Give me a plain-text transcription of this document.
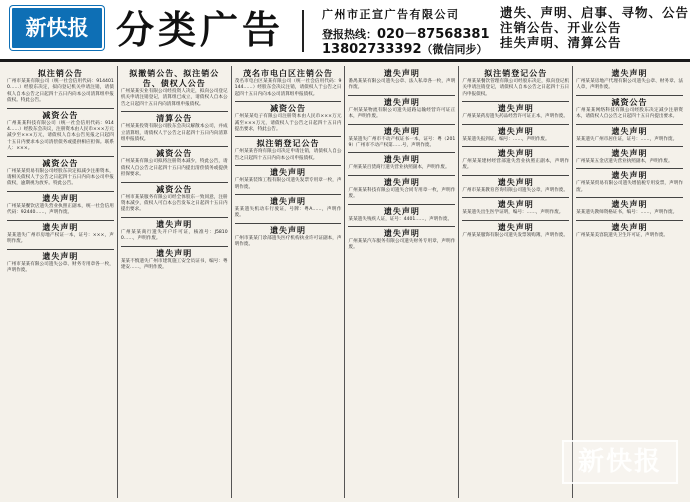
新快报 分类广告	广州市正宣广告有限公司
登报热线：020－87568381
13802733392（微信同步）
遗失、声明、启事、寻物、公告
注销公告、开业公告
挂失声明、清算公告
拟注销公告
广州市某某有限公司（统一社会信用代码：9144010……）经股东决定，拟向登记机关申请注销，请债权人自本公告之日起四十五日内向本公司清算组申报债权。特此公告。
减资公告
广州某某科技有限公司（统一社会信用代码：9144……）经股东会决议，注册资本由人民币×××万元减少至×××万元，请债权人自本公告见报之日起四十五日内要求本公司清偿债务或提供相应担保。联系人：×××。
减资公告
广州某某贸易有限公司经股东决定拟减少注册资本，请相关债权人于公告之日起四十五日内向本公司申报债权，逾期视为放弃。特此公告。
遗失声明
广州某某餐饮店遗失营业执照正副本，统一社会信用代码：92440……，声明作废。
遗失声明
某某遗失广州市房地产权证一本，证号：×××，声明作废。
遗失声明
广州市某某有限公司遗失公章、财务专用章各一枚，声明作废。
拟撤销公告、拟注销公告、债权人公告
广州某某实业有限公司经投资人决定，拟向公司登记机关申请注销登记，清算组已成立，请债权人自本公告之日起四十五日内向清算组申报债权。
清算公告
广州某某投资有限公司股东会决议解散本公司，并成立清算组，请债权人于公告之日起四十五日内向清算组申报债权。
减资公告
广州某某有限公司拟将注册资本减少，特此公告，请债权人自公告之日起四十五日内提出清偿债务或提供担保要求。
减资公告
广州市某某服务有限公司经全体股东一致同意，注册资本减少，债权人可自本公告发布之日起四十五日内提出要求。
遗失声明
广州某某商行遗失开户许可证，核准号：J58100……，声明作废。
遗失声明
某某不慎遗失广州市建筑施工安全员证书，编号：粤建安……，声明作废。
茂名市电白区注销公告
茂名市电白区某某有限公司（统一社会信用代码：9144……）经股东会决议注销，请债权人于公告之日起四十五日内向本公司清算组申报债权。
减资公告
广州某某电子有限公司注册资本由人民币×××万元减至×××万元，请债权人于公告之日起四十五日内提出要求，特此公告。
拟注销登记公告
广州某某咨询有限公司决定申请注销，请债权人自公告之日起四十五日内向本公司申报债权。
遗失声明
广州某某装饰工程有限公司遗失发票专用章一枚，声明作废。
遗失声明
某某遗失机动车行驶证，号牌：粤A……，声明作废。
遗失声明
广州市某某门诊部遗失医疗机构执业许可证副本，声明作废。
遗失声明
番禺某某有限公司遗失公章、法人私章各一枚，声明作废。
遗失声明
广州某某物流有限公司遗失道路运输经营许可证正本，声明作废。
遗失声明
某某遗失广州市不动产权证书一本，证号：粤（2019）广州市不动产权第……号，声明作废。
遗失声明
广州某某百货商行遗失营业执照副本，声明作废。
遗失声明
广州某某科技有限公司遗失合同专用章一枚，声明作废。
遗失声明
某某遗失残疾人证，证号：4401……，声明作废。
遗失声明
广州某某汽车服务有限公司遗失财务专用章，声明作废。
拟注销登记公告
广州某某餐饮管理有限公司经股东决定，拟向登记机关申请注销登记，请债权人自本公告之日起四十五日内申报债权。
遗失声明
广州某某药房遗失药品经营许可证正本，声明作废。
遗失声明
某某遗失报到证，编号：……，声明作废。
遗失声明
广州某某建材经营部遗失营业执照正副本，声明作废。
遗失声明
广州市某某教育咨询有限公司遗失公章，声明作废。
遗失声明
某某遗失出生医学证明，编号：……，声明作废。
遗失声明
广州某某服饰有限公司遗失发票领购簿，声明作废。
遗失声明
广州某某房地产代理有限公司遗失公章、财务章、法人章，声明作废。
減资公告
广州某某网络科技有限公司经股东决定减少注册资本，请债权人自公告之日起四十五日内提出要求。
遗失声明
某某遗失广州市居住证，证号：……，声明作废。
遗失声明
广州某某五金店遗失营业执照副本，声明作废。
遗失声明
广州某某贸易有限公司遗失增值税专用发票，声明作废。
遗失声明
某某遗失教师资格证书，编号：……，声明作废。
遗失声明
广州某某美容院遗失卫生许可证，声明作废。
新快报
